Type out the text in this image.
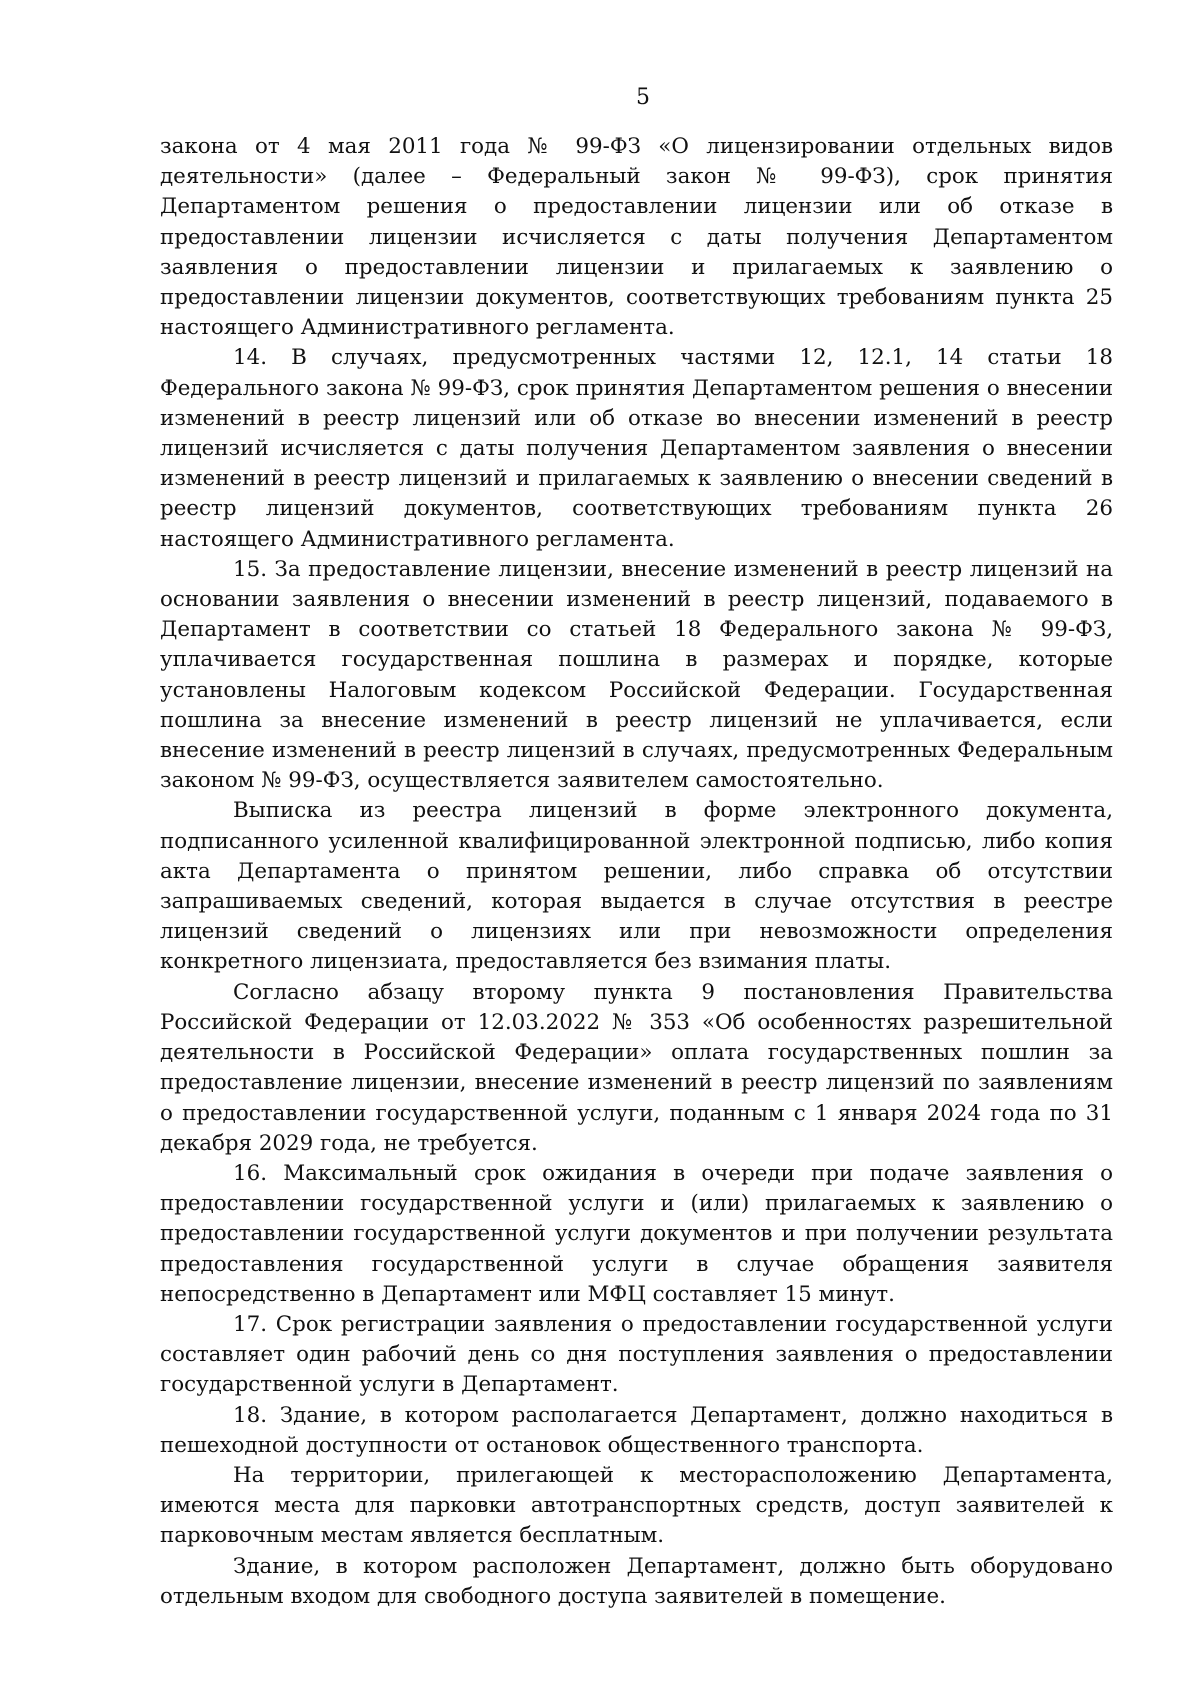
5

закона от 4 мая 2011 года № 99-ФЗ «О лицензировании отдельных видов деятельности» (далее – Федеральный закон № 99-ФЗ), срок принятия Департаментом решения о предоставлении лицензии или об отказе в предоставлении лицензии исчисляется с даты получения Департаментом заявления о предоставлении лицензии и прилагаемых к заявлению о предоставлении лицензии документов, соответствующих требованиям пункта 25 настоящего Административного регламента.

14. В случаях, предусмотренных частями 12, 12.1, 14 статьи 18 Федерального закона № 99-ФЗ, срок принятия Департаментом решения о внесении изменений в реестр лицензий или об отказе во внесении изменений в реестр лицензий исчисляется с даты получения Департаментом заявления о внесении изменений в реестр лицензий и прилагаемых к заявлению о внесении сведений в реестр лицензий документов, соответствующих требованиям пункта 26 настоящего Административного регламента.

15. За предоставление лицензии, внесение изменений в реестр лицензий на основании заявления о внесении изменений в реестр лицензий, подаваемого в Департамент в соответствии со статьей 18 Федерального закона № 99-ФЗ, уплачивается государственная пошлина в размерах и порядке, которые установлены Налоговым кодексом Российской Федерации. Государственная пошлина за внесение изменений в реестр лицензий не уплачивается, если внесение изменений в реестр лицензий в случаях, предусмотренных Федеральным законом № 99-ФЗ, осуществляется заявителем самостоятельно.

Выписка из реестра лицензий в форме электронного документа, подписанного усиленной квалифицированной электронной подписью, либо копия акта Департамента о принятом решении, либо справка об отсутствии запрашиваемых сведений, которая выдается в случае отсутствия в реестре лицензий сведений о лицензиях или при невозможности определения конкретного лицензиата, предоставляется без взимания платы.

Согласно абзацу второму пункта 9 постановления Правительства Российской Федерации от 12.03.2022 № 353 «Об особенностях разрешительной деятельности в Российской Федерации» оплата государственных пошлин за предоставление лицензии, внесение изменений в реестр лицензий по заявлениям о предоставлении государственной услуги, поданным с 1 января 2024 года по 31 декабря 2029 года, не требуется.

16. Максимальный срок ожидания в очереди при подаче заявления о предоставлении государственной услуги и (или) прилагаемых к заявлению о предоставлении государственной услуги документов и при получении результата предоставления государственной услуги в случае обращения заявителя непосредственно в Департамент или МФЦ составляет 15 минут.

17. Срок регистрации заявления о предоставлении государственной услуги составляет один рабочий день со дня поступления заявления о предоставлении государственной услуги в Департамент.

18. Здание, в котором располагается Департамент, должно находиться в пешеходной доступности от остановок общественного транспорта.

На территории, прилегающей к месторасположению Департамента, имеются места для парковки автотранспортных средств, доступ заявителей к парковочным местам является бесплатным.

Здание, в котором расположен Департамент, должно быть оборудовано отдельным входом для свободного доступа заявителей в помещение.
